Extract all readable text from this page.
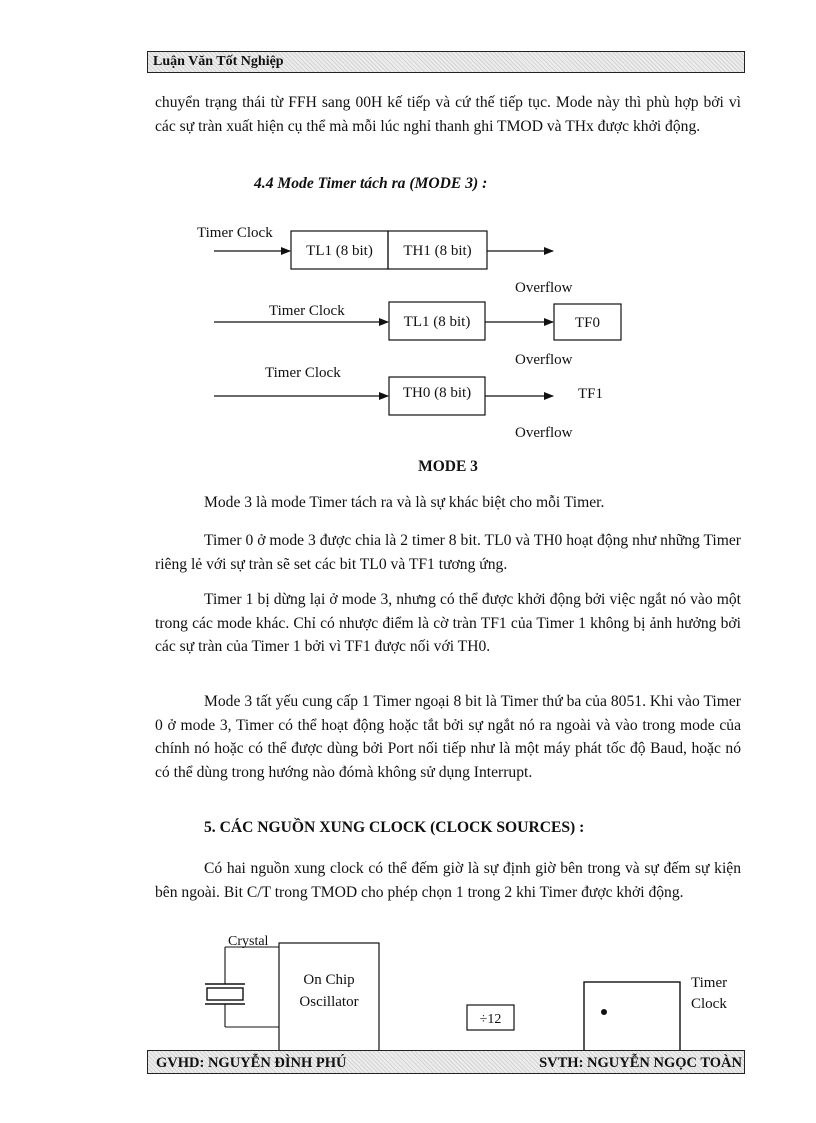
Luận Văn Tốt Nghiệp

chuyển trạng thái từ FFH sang 00H kế tiếp và cứ thế tiếp tục. Mode này thì phù hợp bởi vì các sự tràn xuất hiện cụ thể mà mỗi lúc nghỉ thanh ghi TMOD và THx được khởi động.

4.4 Mode Timer tách ra (MODE 3) :

Timer Clock
TL1 (8 bit) TH1 (8 bit)
Overflow
Timer Clock
TL1 (8 bit)	TF0
Overflow
Timer Clock
TH0 (8 bit)	TF1
Overflow
MODE 3

Mode 3 là mode Timer tách ra và là sự khác biệt cho mỗi Timer.

Timer 0 ở mode 3 được chia là 2 timer 8 bit. TL0 và TH0 hoạt động như những Timer riêng lẻ với sự tràn sẽ set các bit TL0 và TF1 tương ứng.

Timer 1 bị dừng lại ở mode 3, nhưng có thể được khởi động bởi việc ngắt nó vào một trong các mode khác. Chỉ có nhược điểm là cờ tràn TF1 của Timer 1 không bị ảnh hưởng bởi các sự tràn của Timer 1 bởi vì TF1 được nối với TH0.

Mode 3 tất yếu cung cấp 1 Timer ngoại 8 bit là Timer thứ ba của 8051. Khi vào Timer 0 ở mode 3, Timer có thể hoạt động hoặc tắt bởi sự ngắt nó ra ngoài và vào trong mode của chính nó hoặc có thể được dùng bởi Port nối tiếp như là một máy phát tốc độ Baud, hoặc nó có thể dùng trong hướng nào đómà không sử dụng Interrupt.

5. CÁC NGUỒN XUNG CLOCK (CLOCK SOURCES) :

Có hai nguồn xung clock có thể đếm giờ là sự định giờ bên trong và sự đếm sự kiện bên ngoài. Bit C/T trong TMOD cho phép chọn 1 trong 2 khi Timer được khởi động.

Crystal
On Chip
Oscillator
÷12
Timer
Clock
GVHD: NGUYỄN ĐÌNH PHÚ	SVTH: NGUYỄN NGỌC TOÀN
